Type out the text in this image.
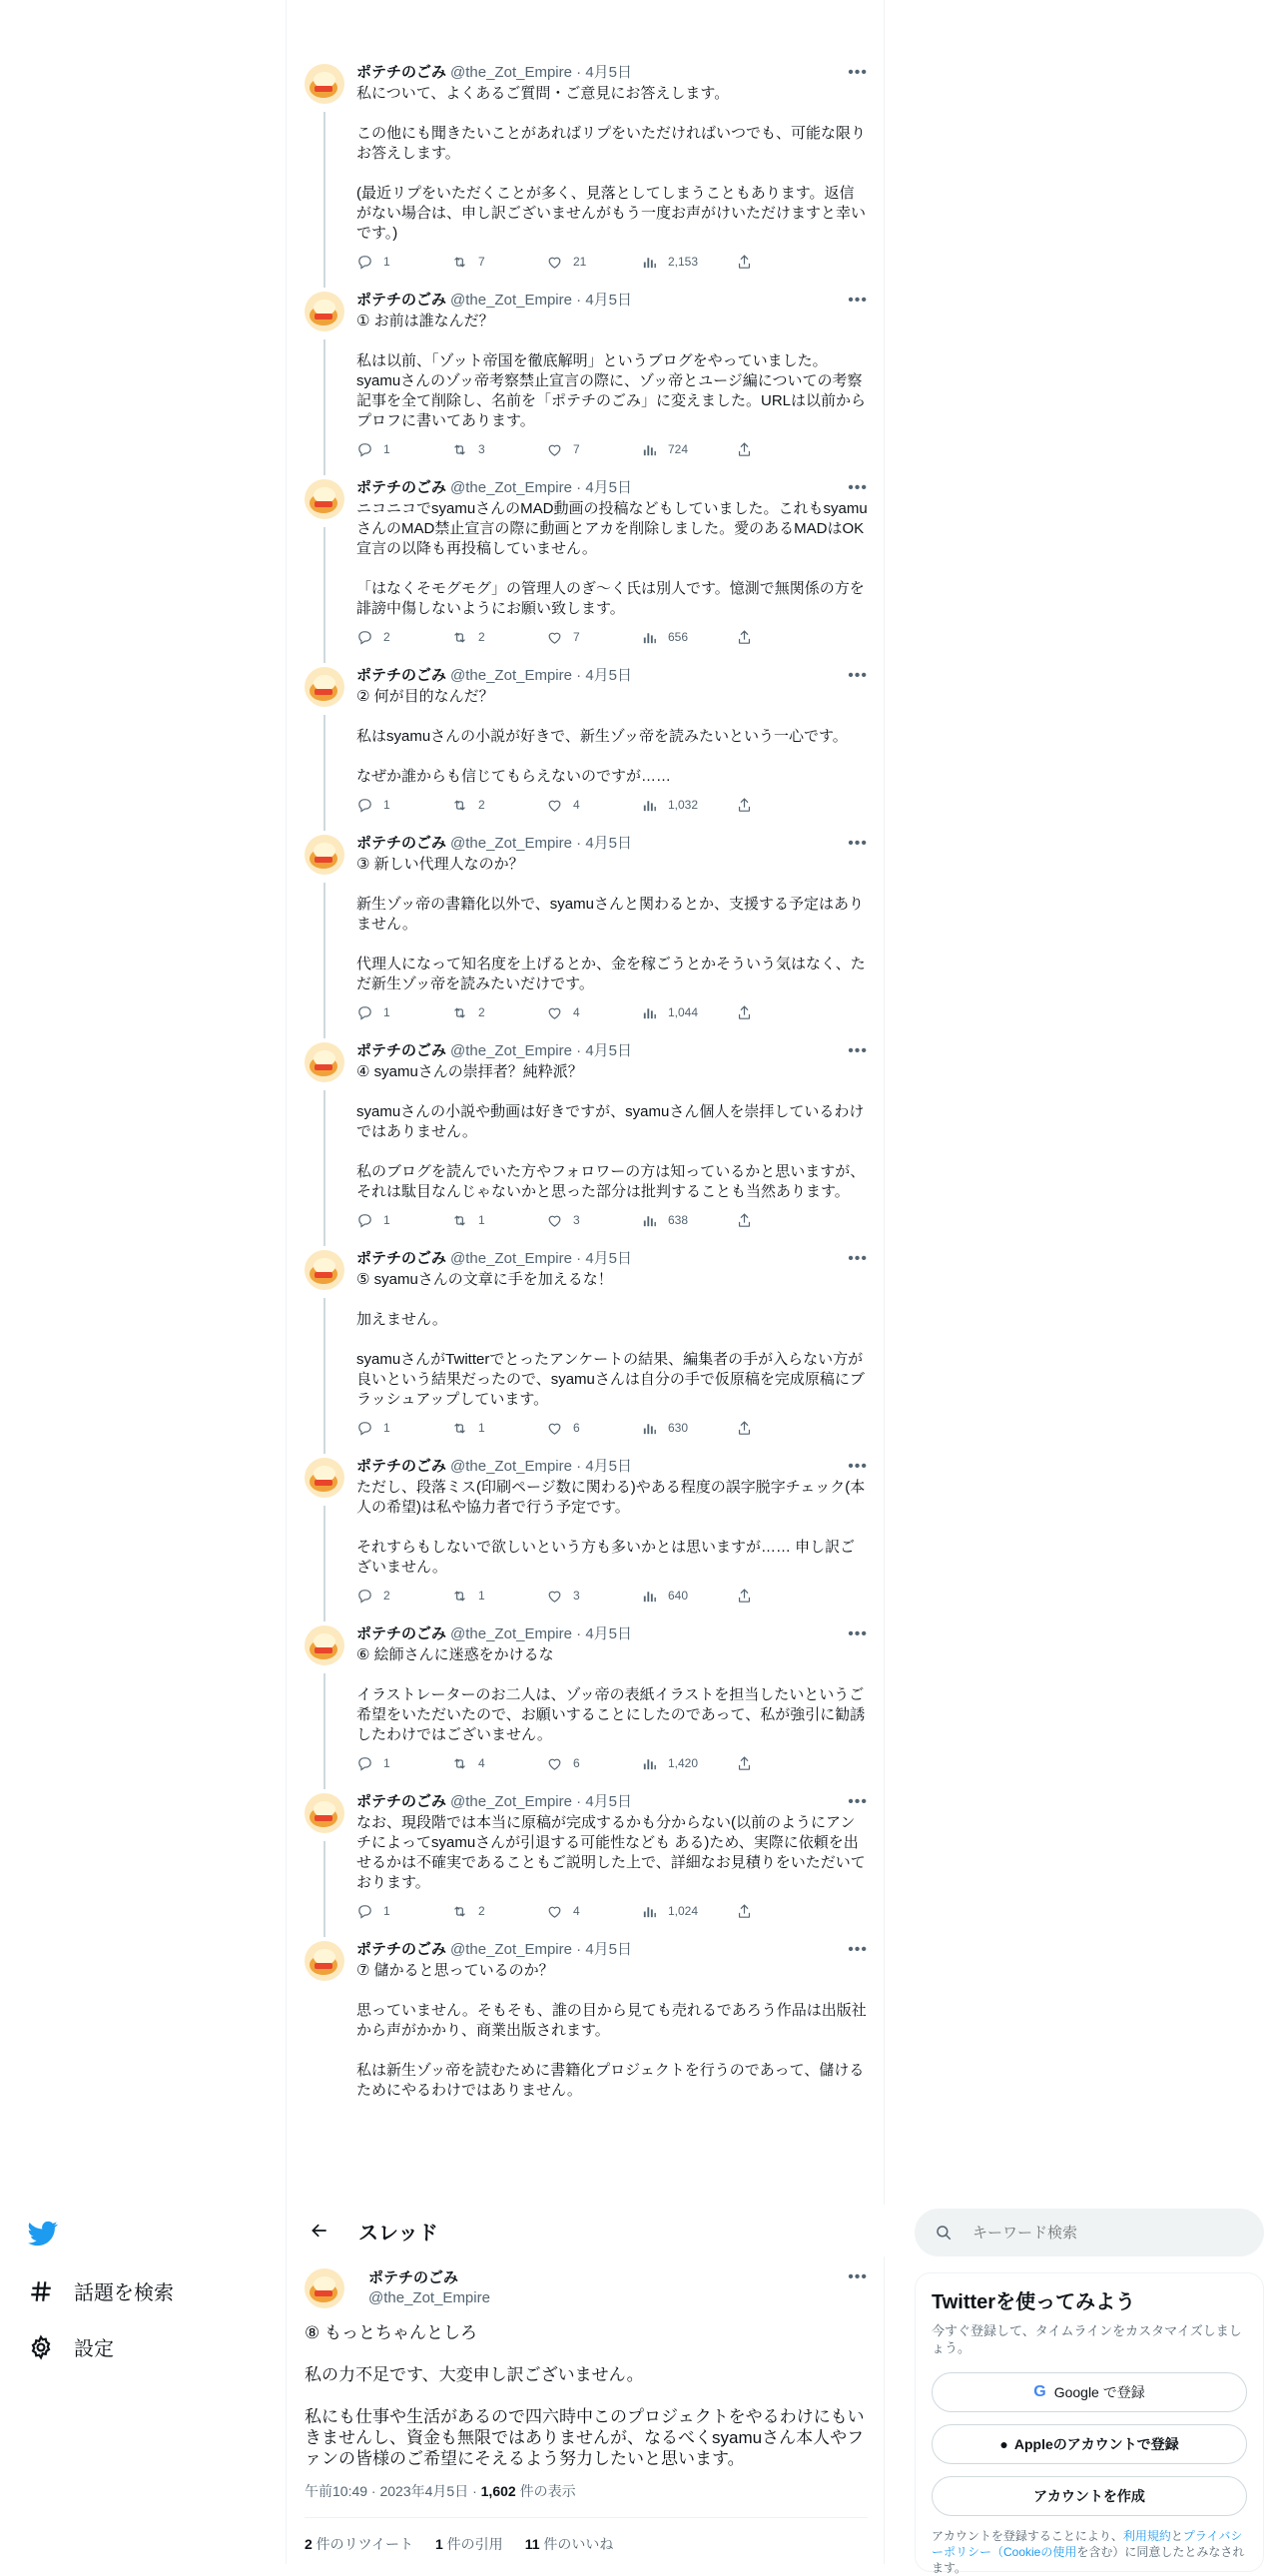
ポテチのごみ @the_Zot_Empire · 4月5日	•••
私について、よくあるご質問・ご意見にお答えします。

この他にも聞きたいことがあればリプをいただければいつでも、可能な限りお答えします。

(最近リプをいただくことが多く、見落としてしまうこともあります。返信がない場合は、申し訳ございませんがもう一度お声がけいただけますと幸いです。)
1	7	21	2,153
ポテチのごみ @the_Zot_Empire · 4月5日	•••
① お前は誰なんだ？

私は以前、「ゾット帝国を徹底解明」というブログをやっていました。syamuさんのゾッ帝考察禁止宣言の際に、ゾッ帝とユージ編についての考察記事を全て削除し、名前を「ポテチのごみ」に変えました。URLは以前からプロフに書いてあります。
1	3	7	724
ポテチのごみ @the_Zot_Empire · 4月5日	•••
ニコニコでsyamuさんのMAD動画の投稿などもしていました。これもsyamuさんのMAD禁止宣言の際に動画とアカを削除しました。愛のあるMADはOK宣言の以降も再投稿していません。

「はなくそモグモグ」の管理人のぎ～く氏は別人です。憶測で無関係の方を誹謗中傷しないようにお願い致します。
2	2	7	656
ポテチのごみ @the_Zot_Empire · 4月5日	•••
② 何が目的なんだ？

私はsyamuさんの小説が好きで、新生ゾッ帝を読みたいという一心です。

なぜか誰からも信じてもらえないのですが……
1	2	4	1,032
ポテチのごみ @the_Zot_Empire · 4月5日	•••
③ 新しい代理人なのか？

新生ゾッ帝の書籍化以外で、syamuさんと関わるとか、支援する予定はありません。

代理人になって知名度を上げるとか、金を稼ごうとかそういう気はなく、ただ新生ゾッ帝を読みたいだけです。
1	2	4	1,044
ポテチのごみ @the_Zot_Empire · 4月5日	•••
④ syamuさんの崇拝者？純粋派？

syamuさんの小説や動画は好きですが、syamuさん個人を崇拝しているわけではありません。

私のブログを読んでいた方やフォロワーの方は知っているかと思いますが、それは駄目なんじゃないかと思った部分は批判することも当然あります。
1	1	3	638
ポテチのごみ @the_Zot_Empire · 4月5日	•••
⑤ syamuさんの文章に手を加えるな！

加えません。

syamuさんがTwitterでとったアンケートの結果、編集者の手が入らない方が良いという結果だったので、syamuさんは自分の手で仮原稿を完成原稿にブラッシュアップしています。
1	1	6	630
ポテチのごみ @the_Zot_Empire · 4月5日	•••
ただし、段落ミス(印刷ページ数に関わる)やある程度の誤字脱字チェック(本人の希望)は私や協力者で行う予定です。

それすらもしないで欲しいという方も多いかとは思いますが…… 申し訳ございません。
2	1	3	640
ポテチのごみ @the_Zot_Empire · 4月5日	•••
⑥ 絵師さんに迷惑をかけるな

イラストレーターのお二人は、ゾッ帝の表紙イラストを担当したいというご希望をいただいたので、お願いすることにしたのであって、私が強引に勧誘したわけではございません。
1	4	6	1,420
ポテチのごみ @the_Zot_Empire · 4月5日	•••
なお、現段階では本当に原稿が完成するかも分からない(以前のようにアンチによってsyamuさんが引退する可能性なども ある)ため、実際に依頼を出せるかは不確実であることもご説明した上で、詳細なお見積りをいただいております。
1	2	4	1,024
ポテチのごみ @the_Zot_Empire · 4月5日	•••
⑦ 儲かると思っているのか？

思っていません。そもそも、誰の目から見ても売れるであろう作品は出版社から声がかかり、商業出版されます。

私は新生ゾッ帝を読むために書籍化プロジェクトを行うのであって、儲けるためにやるわけではありません。
スレッド
ポテチのごみ
@the_Zot_Empire
•••
⑧ もっとちゃんとしろ

私の力不足です、大変申し訳ございません。

私にも仕事や生活があるので四六時中このプロジェクトをやるわけにもいきませんし、資金も無限ではありませんが、なるべくsyamuさん本人やファンの皆様のご希望にそえるよう努力したいと思います。
午前10:49 · 2023年4月5日 · 1,602 件の表示
2 件のリツイート 1 件の引用 11 件のいいね
話題を検索
設定
キーワード検索
Twitterを使ってみよう
今すぐ登録して、タイムラインをカスタマイズしましょう。
G Google で登録
● Appleのアカウントで登録
アカウントを作成
アカウントを登録することにより、利用規約とプライバシーポリシー（Cookieの使用を含む）に同意したとみなされます。
